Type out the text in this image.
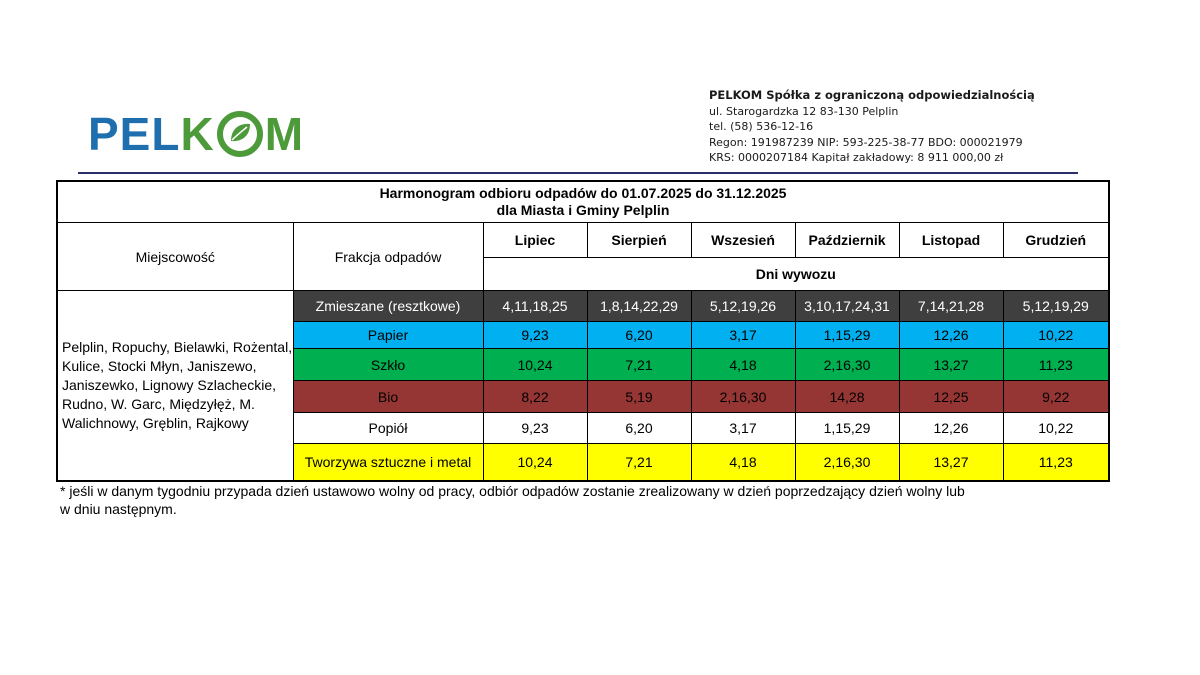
PEL K M
PELKOM Spółka z ograniczoną odpowiedzialnością
ul. Starogardzka 12 83-130 Pelplin
tel. (58) 536-12-16
Regon: 191987239 NIP: 593-225-38-77 BDO: 000021979
KRS: 0000207184 Kapitał zakładowy: 8 911 000,00 zł
Harmonogram odbioru odpadów do 01.07.2025 do 31.12.2025
dla Miasta i Gminy Pelplin							

Miejscowość	Frakcja odpadów	Lipiec	Sierpień	Wszesień	Październik	Listopad	Grudzień
		Dni wywozu					
Pelplin, Ropuchy, Bielawki, Rożental, Kulice, Stocki Młyn, Janiszewo, Janiszewko, Lignowy Szlacheckie, Rudno, W. Garc, Międzyłęż, M. Walichnowy, Gręblin, Rajkowy	Zmieszane (resztkowe)	4,11,18,25	1,8,14,22,29	5,12,19,26	3,10,17,24,31	7,14,21,28	5,12,19,29
	Papier	9,23	6,20	3,17	1,15,29	12,26	10,22
	Szkło	10,24	7,21	4,18	2,16,30	13,27	11,23
	Bio	8,22	5,19	2,16,30	14,28	12,25	9,22
	Popiół	9,23	6,20	3,17	1,15,29	12,26	10,22
	Tworzywa sztuczne i metal	10,24	7,21	4,18	2,16,30	13,27	11,23
* jeśli w danym tygodniu przypada dzień ustawowo wolny od pracy, odbiór odpadów zostanie zrealizowany w dzień poprzedzający dzień wolny lub
w dniu następnym.
